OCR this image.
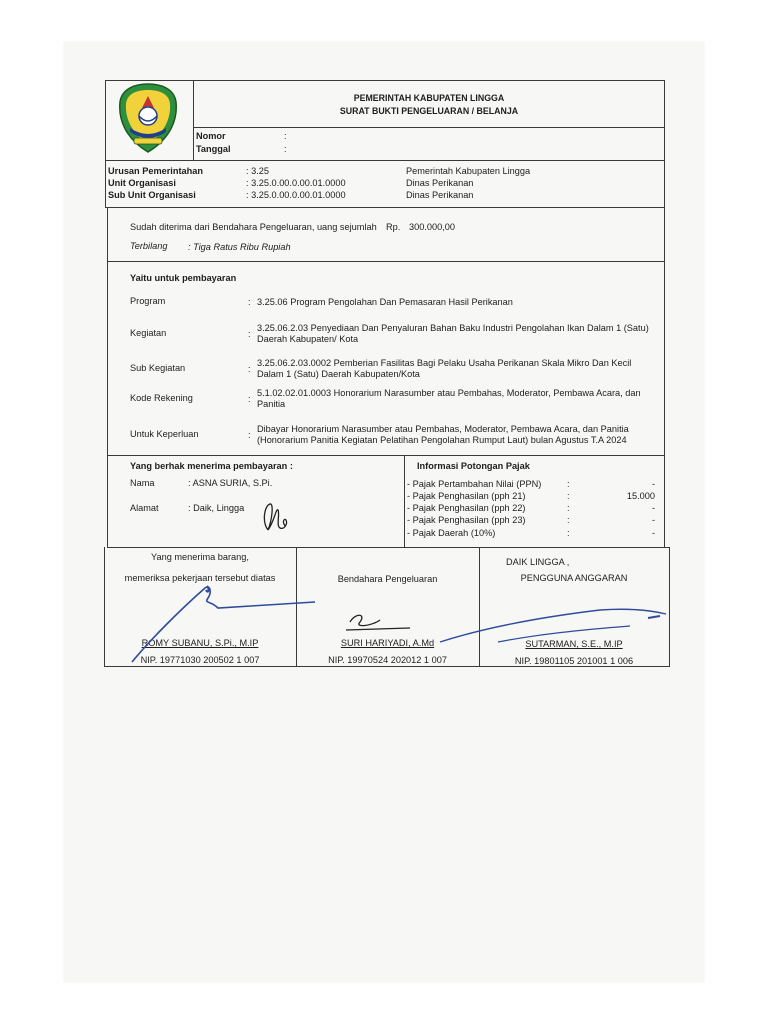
PEMERINTAH KABUPATEN LINGGA
SURAT BUKTI PENGELUARAN / BELANJA
Nomor	:
Tanggal	:
Urusan Pemerintahan	: 3.25	Pemerintah Kabupaten Lingga
Unit Organisasi	: 3.25.0.00.0.00.01.0000	Dinas Perikanan
Sub Unit Organisasi	: 3.25.0.00.0.00.01.0000	Dinas Perikanan
Sudah diterima dari Bendahara Pengeluaran, uang sejumlah Rp. 300.000,00
Terbilang : Tiga Ratus Ribu Rupiah
Yaitu untuk pembayaran
Program	: 3.25.06 Program Pengolahan Dan Pemasaran Hasil Perikanan
Kegiatan	:
3.25.06.2.03 Penyediaan Dan Penyaluran Bahan Baku Industri Pengolahan Ikan Dalam 1 (Satu) Daerah Kabupaten/ Kota
Sub Kegiatan	:
3.25.06.2.03.0002 Pemberian Fasilitas Bagi Pelaku Usaha Perikanan Skala Mikro Dan Kecil Dalam 1 (Satu) Daerah Kabupaten/Kota
Kode Rekening	:
5.1.02.02.01.0003 Honorarium Narasumber atau Pembahas, Moderator, Pembawa Acara, dan Panitia
Untuk Keperluan	:
Dibayar Honorarium Narasumber atau Pembahas, Moderator, Pembawa Acara, dan Panitia (Honorarium Panitia Kegiatan Pelatihan Pengolahan Rumput Laut) bulan Agustus T.A 2024
Yang berhak menerima pembayaran :
Nama	: ASNA SURIA, S.Pi.
Alamat	: Daik, Lingga
Informasi Potongan Pajak
- Pajak Pertambahan Nilai (PPN)	:	-
- Pajak Penghasilan (pph 21)	:	15.000
- Pajak Penghasilan (pph 22)	:	-
- Pajak Penghasilan (pph 23)	:	-
- Pajak Daerah (10%)	:	-
Yang menerima barang,
memeriksa pekerjaan tersebut diatas
ROMY SUBANU, S.Pi., M.IP
NIP. 19771030 200502 1 007
Bendahara Pengeluaran
SURI HARIYADI, A.Md
NIP. 19970524 202012 1 007
DAIK LINGGA ,
PENGGUNA ANGGARAN
SUTARMAN, S.E., M.IP
NIP. 19801105 201001 1 006
